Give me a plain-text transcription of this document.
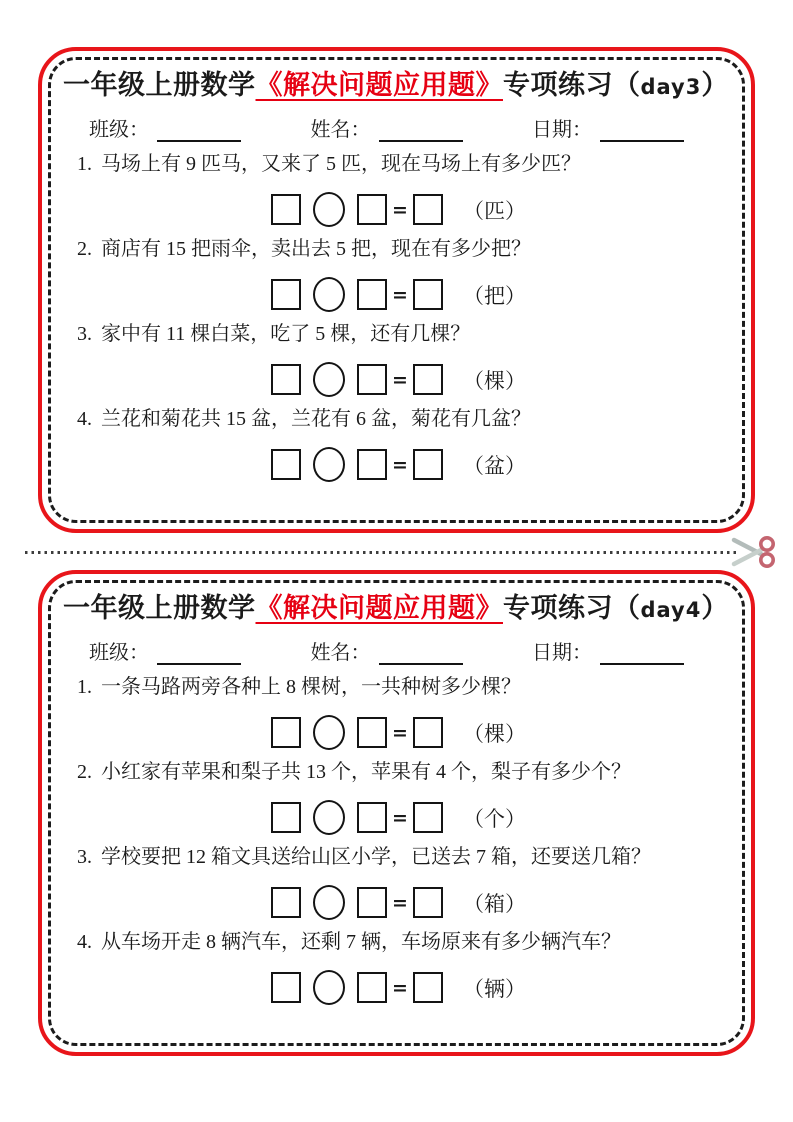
一年级上册数学《解决问题应用题》专项练习（day3）
班级：	姓名：	日期：
1. 马场上有 9 匹马，又来了 5 匹，现在马场上有多少匹？
=	（匹）
2. 商店有 15 把雨伞，卖出去 5 把，现在有多少把？
=	（把）
3. 家中有 11 棵白菜，吃了 5 棵，还有几棵？
=	（棵）
4. 兰花和菊花共 15 盆，兰花有 6 盆，菊花有几盆？
=	（盆）
一年级上册数学《解决问题应用题》专项练习（day4）
班级：	姓名：	日期：
1. 一条马路两旁各种上 8 棵树，一共种树多少棵？
=	（棵）
2. 小红家有苹果和梨子共 13 个，苹果有 4 个，梨子有多少个？
=	（个）
3. 学校要把 12 箱文具送给山区小学，已送去 7 箱，还要送几箱？
=	（箱）
4. 从车场开走 8 辆汽车，还剩 7 辆，车场原来有多少辆汽车？
=	（辆）
